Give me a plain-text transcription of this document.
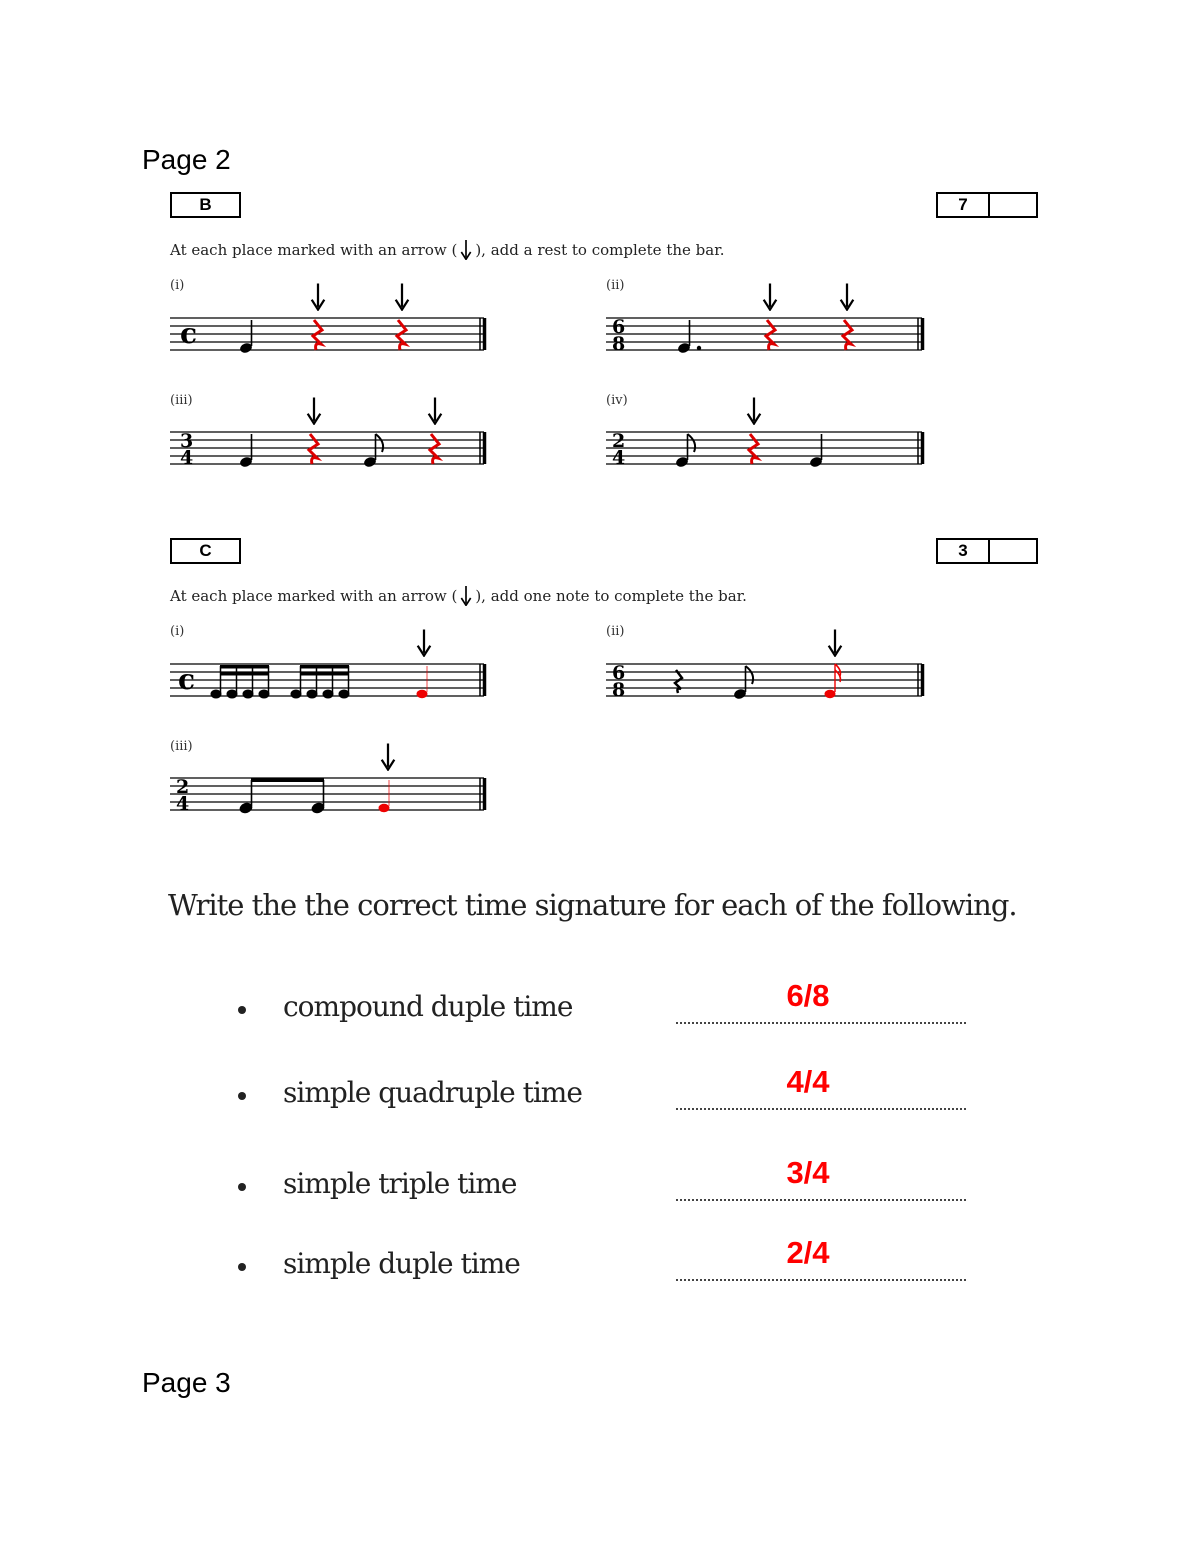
Page 2
B	7
At each place marked with an arrow ( ), add a rest to complete the bar.
(i)	(ii)
(iii)	(iv)
c	6
8
3
4
2
4
C	3
At each place marked with an arrow ( ), add one note to complete the bar.
(i)	(ii)
(iii)
c	6
8
2
4
Write the the correct time signature for each of the following.
compound duple time	6/8
simple quadruple time	4/4
simple triple time	3/4
simple duple time	2/4
Page 3
